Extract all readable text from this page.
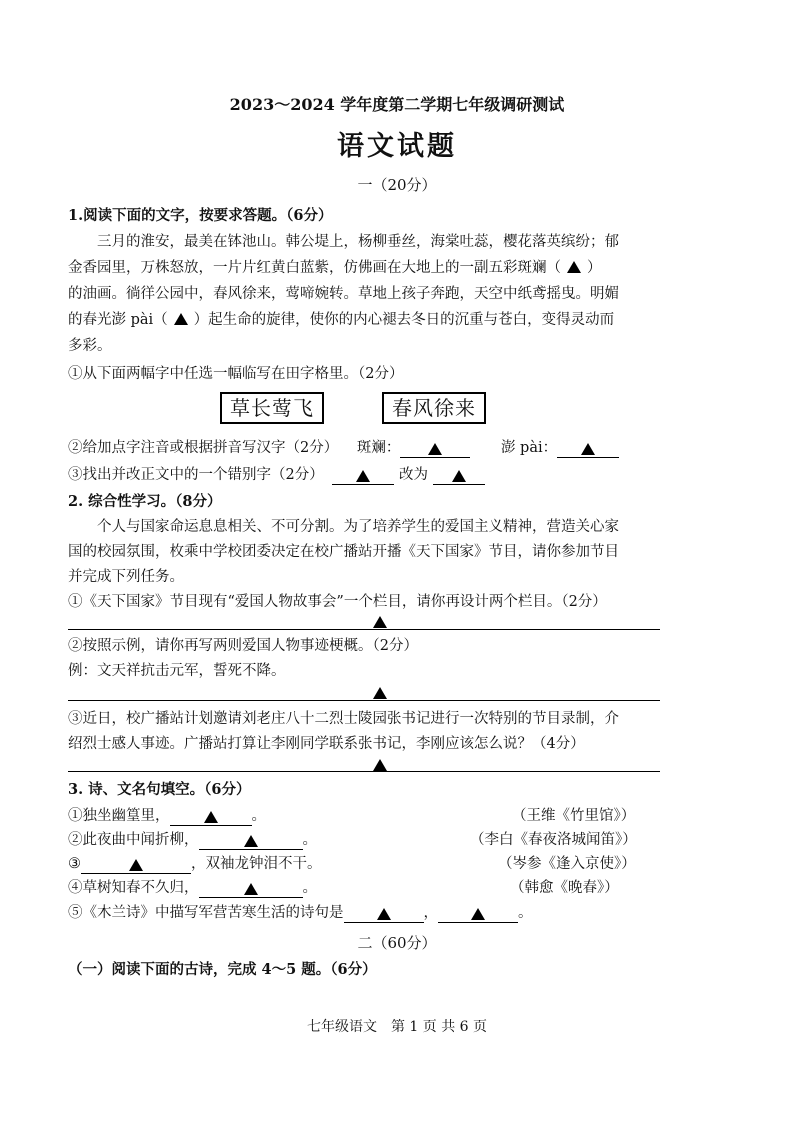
2023～2024 学年度第二学期七年级调研测试
语文试题
一（20分）
1.阅读下面的文字，按要求答题。（6分）
三月的淮安，最美在钵池山。韩公堤上，杨柳垂丝，海棠吐蕊，樱花落英缤纷；郁
金香园里，万株怒放，一片片红黄白蓝紫，仿佛画在大地上的一副五彩斑斓（ ）
的油画。徜徉公园中，春风徐来，莺啼婉转。草地上孩子奔跑，天空中纸鸢摇曳。明媚
的春光澎 pài（ ）起生命的旋律，使你的内心褪去冬日的沉重与苍白，变得灵动而
多彩。
①从下面两幅字中任选一幅临写在田字格里。（2分）
草长莺飞	春风徐来
②给加点字注音或根据拼音写汉字（2分） 斑斓：	澎 pài：
③找出并改正文中的一个错别字（2分）	改为
2. 综合性学习。（8分）
个人与国家命运息息相关、不可分割。为了培养学生的爱国主义精神，营造关心家
国的校园氛围，枚乘中学校团委决定在校广播站开播《天下国家》节目，请你参加节目
并完成下列任务。
①《天下国家》节目现有“爱国人物故事会”一个栏目，请你再设计两个栏目。（2分）
②按照示例，请你再写两则爱国人物事迹梗概。（2分）
例：文天祥抗击元军，誓死不降。
③近日，校广播站计划邀请刘老庄八十二烈士陵园张书记进行一次特别的节目录制，介
绍烈士感人事迹。广播站打算让李刚同学联系张书记，李刚应该怎么说？（4分）
3. 诗、文名句填空。（6分）
①独坐幽篁里，	。	（王维《竹里馆》）
②此夜曲中闻折柳，	。	（李白《春夜洛城闻笛》）
③	，双袖龙钟泪不干。	（岑参《逢入京使》）
④草树知春不久归，	。	（韩愈《晚春》）
⑤《木兰诗》中描写军营苦寒生活的诗句是	，	。
二（60分）
（一）阅读下面的古诗，完成 4～5 题。（6分）
七年级语文　第 1 页 共 6 页
